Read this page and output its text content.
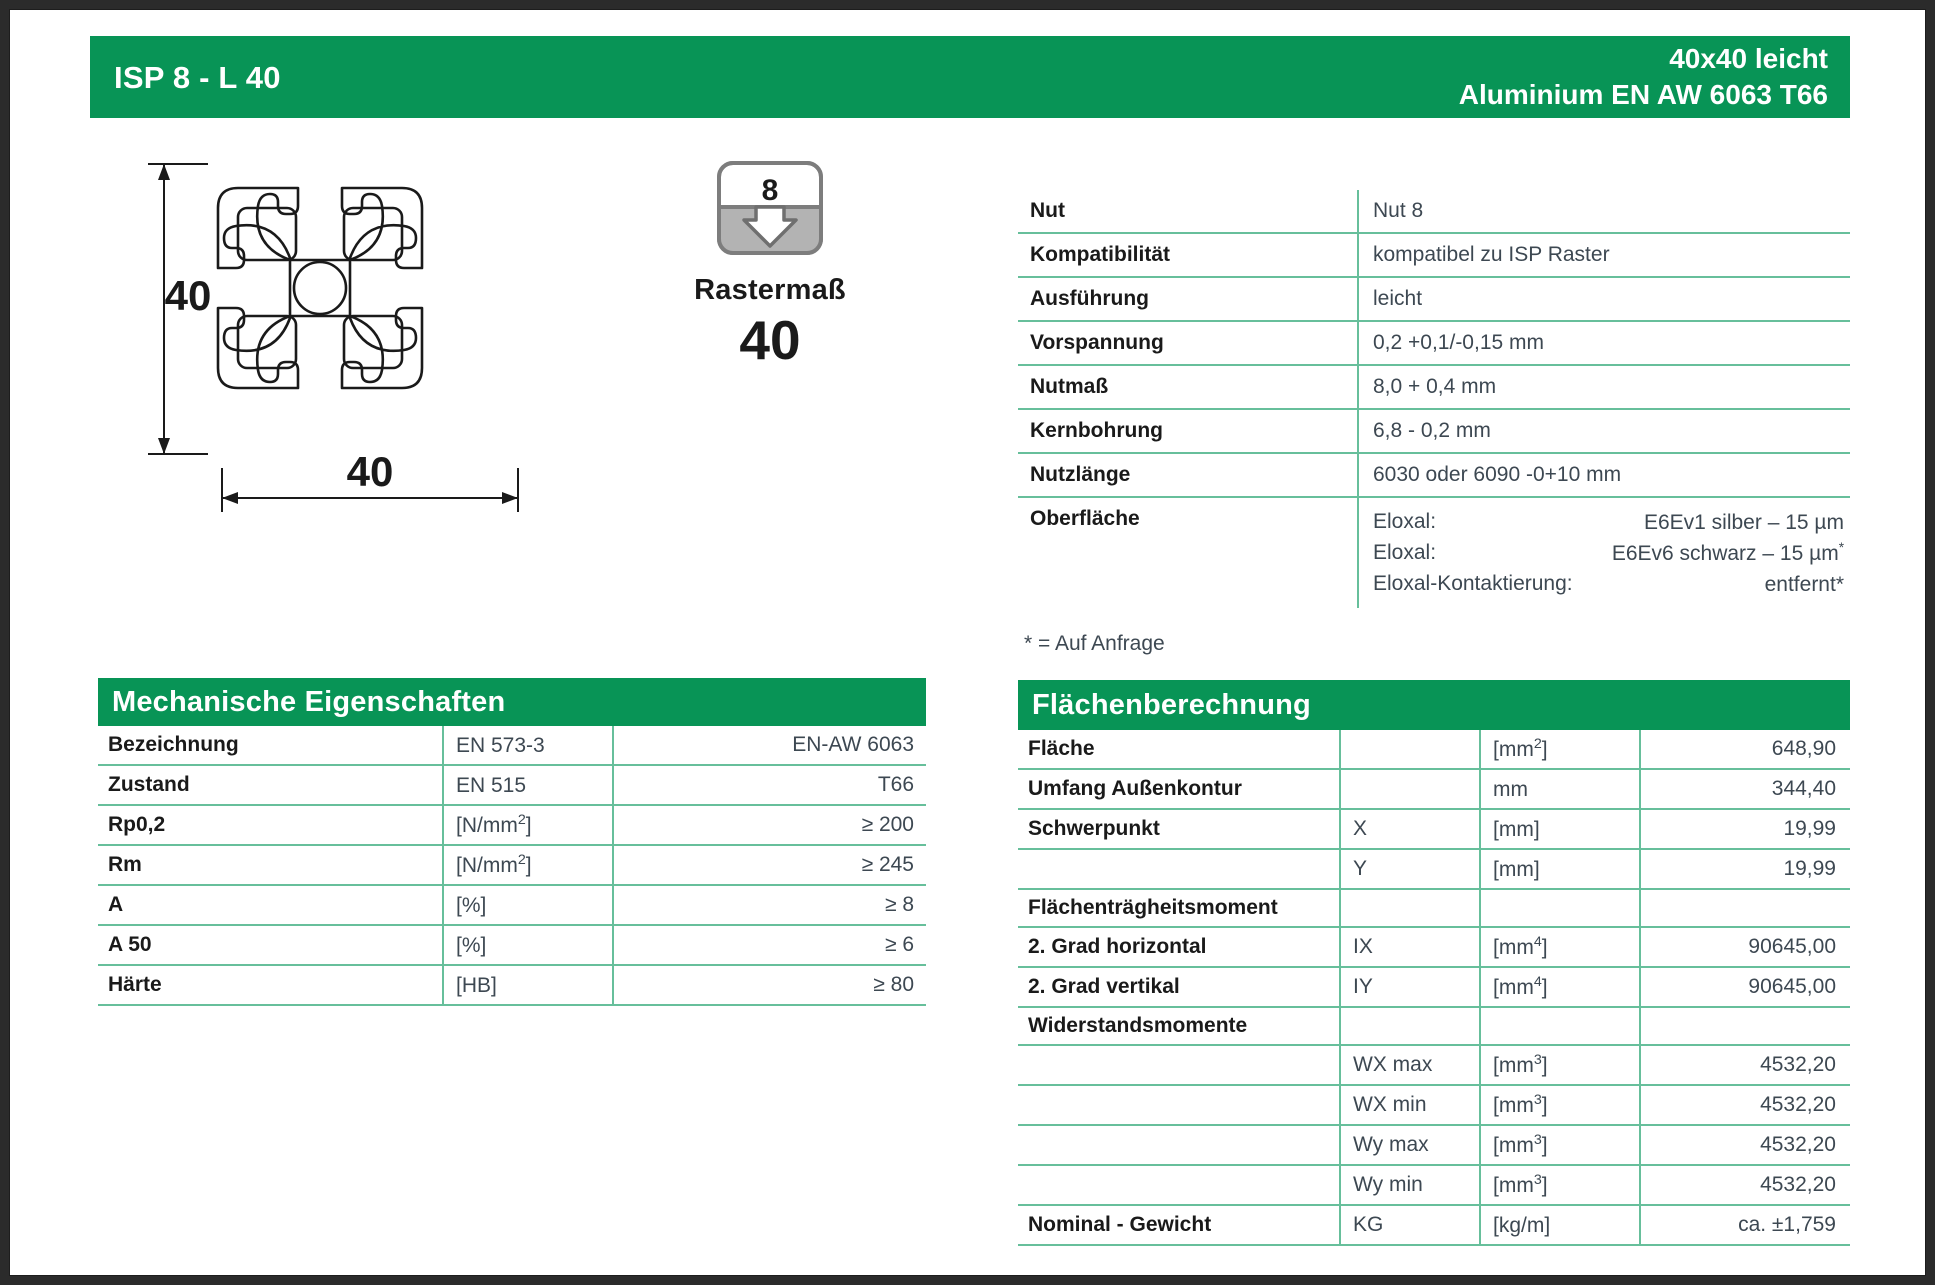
ISP 8 - L 40
40x40 leicht
Aluminium EN AW 6063 T66
40
40
8
Rastermaß
40
Nut	Nut 8
Kompatibilität	kompatibel zu ISP Raster
Ausführung	leicht
Vorspannung	0,2 +0,1/-0,15 mm
Nutmaß	8,0 + 0,4 mm
Kernbohrung	6,8 - 0,2 mm
Nutzlänge	6030 oder 6090 -0+10 mm
Oberfläche	Eloxal:	E6Ev1 silber – 15 µm
Eloxal:	E6Ev6 schwarz – 15 µm*
Eloxal-Kontaktierung:	entfernt*
* = Auf Anfrage
Mechanische Eigenschaften
Bezeichnung	EN 573-3	EN-AW 6063
Zustand	EN 515	T66
Rp0,2	$[N/mm^2]$	≥ 200
Rm	$[N/mm^2]$	≥ 245
A	[%]	≥ 8
A 50	[%]	≥ 6
Härte	[HB]	≥ 80
Flächenberechnung
Fläche		$[mm^2]$	648,90
Umfang Außenkontur		mm	344,40
Schwerpunkt	X	[mm]	19,99
	Y	[mm]	19,99
Flächenträgheitsmoment			
2. Grad horizontal	IX	$[mm^4]$	90645,00
2. Grad vertikal	IY	$[mm^4]$	90645,00
Widerstandsmomente			
	WX max	$[mm^3]$	4532,20
	WX min	$[mm^3]$	4532,20
	Wy max	$[mm^3]$	4532,20
	Wy min	$[mm^3]$	4532,20
Nominal - Gewicht	KG	[kg/m]	ca. ±1,759
